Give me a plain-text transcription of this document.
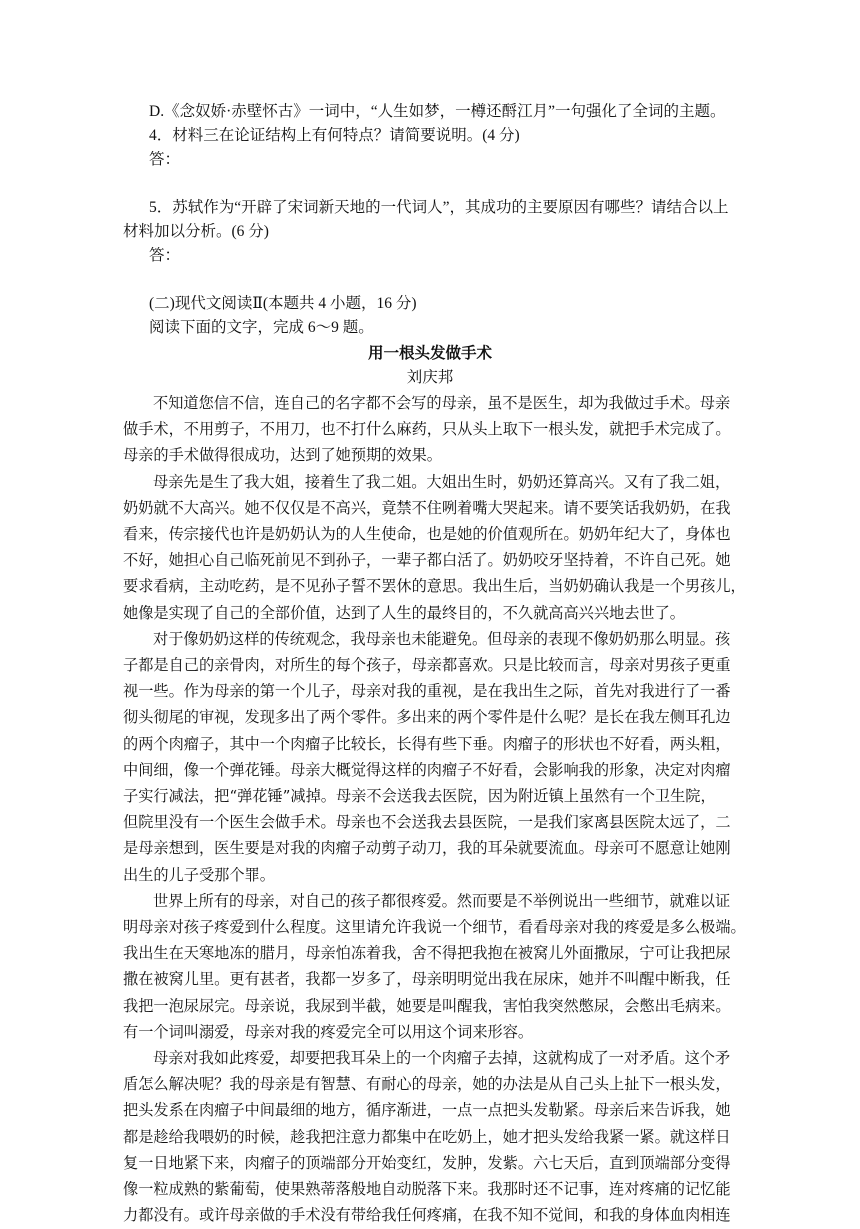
D.《念奴娇·赤壁怀古》一词中，“人生如梦，一樽还酹江月”一句强化了全词的主题。

4．材料三在论证结构上有何特点？请简要说明。(4 分)

答：

5．苏轼作为“开辟了宋词新天地的一代词人”，其成功的主要原因有哪些？请结合以上

材料加以分析。(6 分)

答：

(二)现代文阅读Ⅱ(本题共 4 小题，16 分)

阅读下面的文字，完成 6～9 题。

用一根头发做手术

刘庆邦

不知道您信不信，连自己的名字都不会写的母亲，虽不是医生，却为我做过手术。母亲

做手术，不用剪子，不用刀，也不打什么麻药，只从头上取下一根头发，就把手术完成了。

母亲的手术做得很成功，达到了她预期的效果。

母亲先是生了我大姐，接着生了我二姐。大姐出生时，奶奶还算高兴。又有了我二姐，

奶奶就不大高兴。她不仅仅是不高兴，竟禁不住咧着嘴大哭起来。请不要笑话我奶奶，在我

看来，传宗接代也许是奶奶认为的人生使命，也是她的价值观所在。奶奶年纪大了，身体也

不好，她担心自己临死前见不到孙子，一辈子都白活了。奶奶咬牙坚持着，不许自己死。她

要求看病，主动吃药，是不见孙子誓不罢休的意思。我出生后，当奶奶确认我是一个男孩儿，

她像是实现了自己的全部价值，达到了人生的最终目的，不久就高高兴兴地去世了。

对于像奶奶这样的传统观念，我母亲也未能避免。但母亲的表现不像奶奶那么明显。孩

子都是自己的亲骨肉，对所生的每个孩子，母亲都喜欢。只是比较而言，母亲对男孩子更重

视一些。作为母亲的第一个儿子，母亲对我的重视，是在我出生之际，首先对我进行了一番

彻头彻尾的审视，发现多出了两个零件。多出来的两个零件是什么呢？是长在我左侧耳孔边

的两个肉瘤子，其中一个肉瘤子比较长，长得有些下垂。肉瘤子的形状也不好看，两头粗，

中间细，像一个弹花锤。母亲大概觉得这样的肉瘤子不好看，会影响我的形象，决定对肉瘤

子实行减法，把“弹花锤”减掉。母亲不会送我去医院，因为附近镇上虽然有一个卫生院，

但院里没有一个医生会做手术。母亲也不会送我去县医院，一是我们家离县医院太远了，二

是母亲想到，医生要是对我的肉瘤子动剪子动刀，我的耳朵就要流血。母亲可不愿意让她刚

出生的儿子受那个罪。

世界上所有的母亲，对自己的孩子都很疼爱。然而要是不举例说出一些细节，就难以证

明母亲对孩子疼爱到什么程度。这里请允许我说一个细节，看看母亲对我的疼爱是多么极端。

我出生在天寒地冻的腊月，母亲怕冻着我，舍不得把我抱在被窝儿外面撒尿，宁可让我把尿

撒在被窝儿里。更有甚者，我都一岁多了，母亲明明觉出我在尿床，她并不叫醒中断我，任

我把一泡尿尿完。母亲说，我尿到半截，她要是叫醒我，害怕我突然憋尿，会憋出毛病来。

有一个词叫溺爱，母亲对我的疼爱完全可以用这个词来形容。

母亲对我如此疼爱，却要把我耳朵上的一个肉瘤子去掉，这就构成了一对矛盾。这个矛

盾怎么解决呢？我的母亲是有智慧、有耐心的母亲，她的办法是从自己头上扯下一根头发，

把头发系在肉瘤子中间最细的地方，循序渐进，一点一点把头发勒紧。母亲后来告诉我，她

都是趁给我喂奶的时候，趁我把注意力都集中在吃奶上，她才把头发给我紧一紧。就这样日

复一日地紧下来，肉瘤子的顶端部分开始变红，发肿，发紫。六七天后，直到顶端部分变得

像一粒成熟的紫葡萄，使果熟蒂落般地自动脱落下来。我那时还不记事，连对疼痛的记忆能

力都没有。或许母亲做的手术没有带给我任何疼痛，在我不知不觉间，和我的身体血肉相连
